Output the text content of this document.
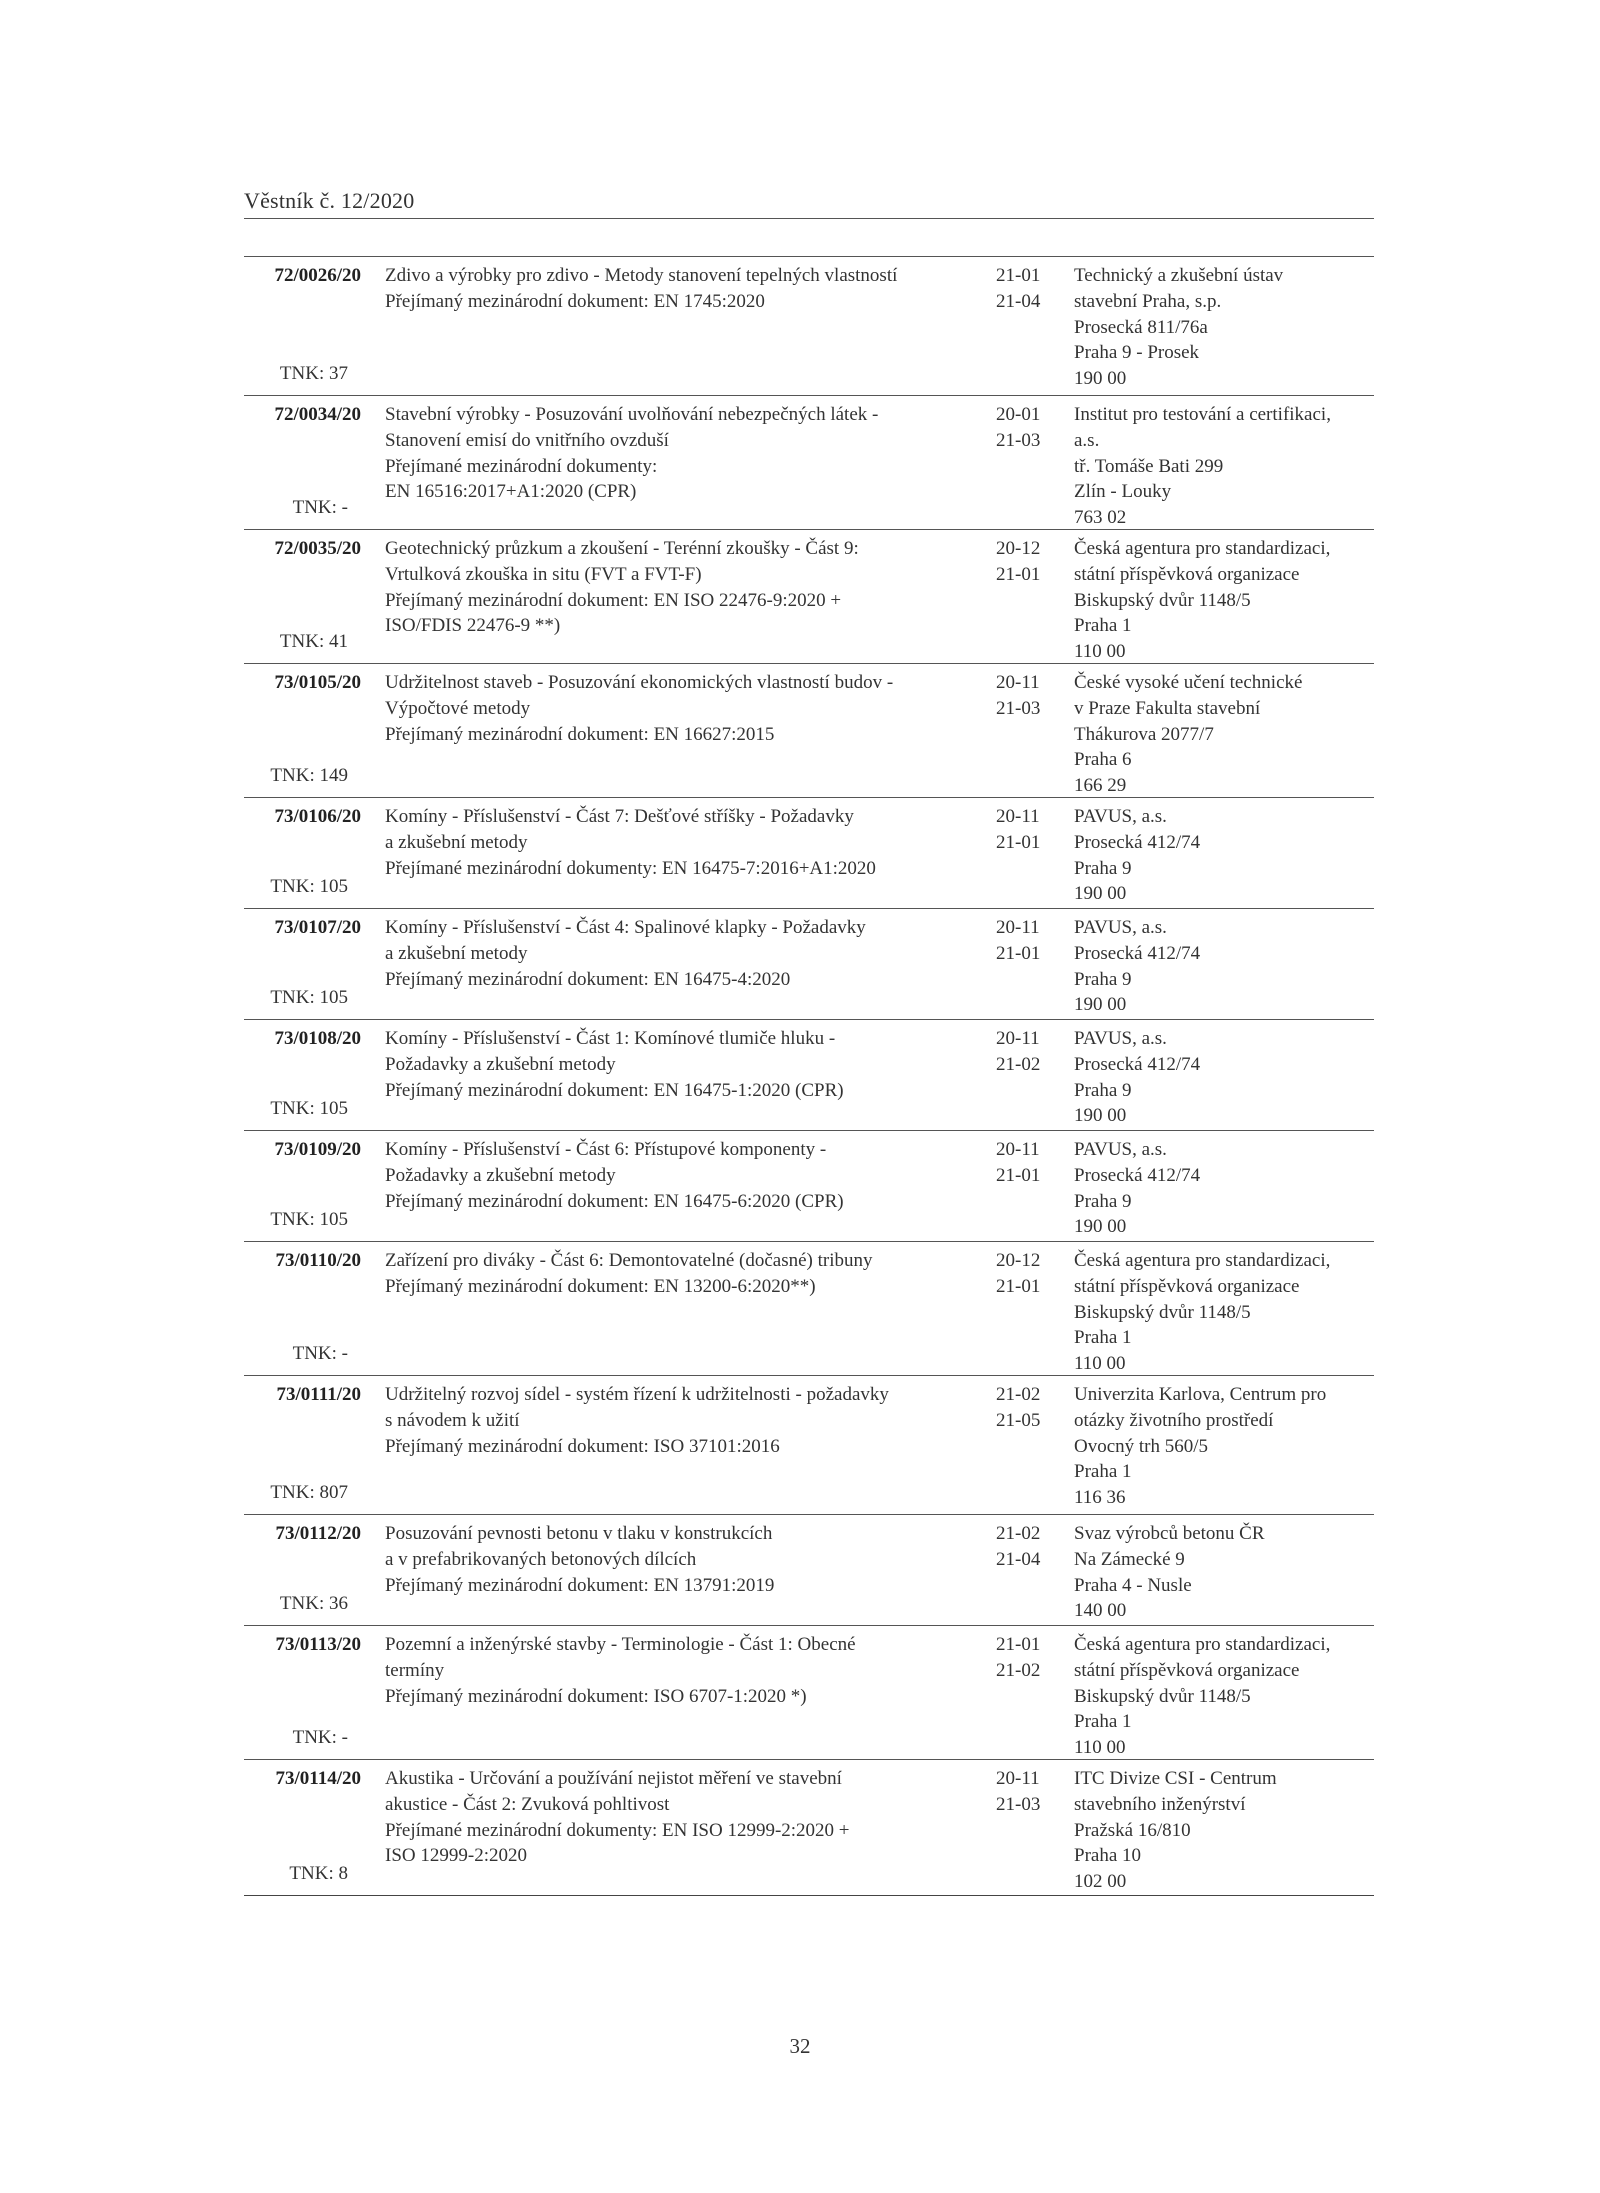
Věstník č. 12/2020
72/0026/20
TNK: 37
Zdivo a výrobky pro zdivo - Metody stanovení tepelných vlastností
Přejímaný mezinárodní dokument: EN 1745:2020
21-01
21-04
Technický a zkušební ústav
stavební Praha, s.p.
Prosecká 811/76a
Praha 9 - Prosek
190 00
72/0034/20
TNK: -
Stavební výrobky - Posuzování uvolňování nebezpečných látek -
Stanovení emisí do vnitřního ovzduší
Přejímané mezinárodní dokumenty:
EN 16516:2017+A1:2020 (CPR)
20-01
21-03
Institut pro testování a certifikaci,
a.s.
tř. Tomáše Bati 299
Zlín - Louky
763 02
72/0035/20
TNK: 41
Geotechnický průzkum a zkoušení - Terénní zkoušky - Část 9:
Vrtulková zkouška in situ (FVT a FVT-F)
Přejímaný mezinárodní dokument: EN ISO 22476-9:2020 +
ISO/FDIS 22476-9 **)
20-12
21-01
Česká agentura pro standardizaci,
státní příspěvková organizace
Biskupský dvůr 1148/5
Praha 1
110 00
73/0105/20
TNK: 149
Udržitelnost staveb - Posuzování ekonomických vlastností budov -
Výpočtové metody
Přejímaný mezinárodní dokument: EN 16627:2015
20-11
21-03
České vysoké učení technické
v Praze Fakulta stavební
Thákurova 2077/7
Praha 6
166 29
73/0106/20
TNK: 105
Komíny - Příslušenství - Část 7: Dešťové stříšky - Požadavky
a zkušební metody
Přejímané mezinárodní dokumenty: EN 16475-7:2016+A1:2020
20-11
21-01
PAVUS, a.s.
Prosecká 412/74
Praha 9
190 00
73/0107/20
TNK: 105
Komíny - Příslušenství - Část 4: Spalinové klapky - Požadavky
a zkušební metody
Přejímaný mezinárodní dokument: EN 16475-4:2020
20-11
21-01
PAVUS, a.s.
Prosecká 412/74
Praha 9
190 00
73/0108/20
TNK: 105
Komíny - Příslušenství - Část 1: Komínové tlumiče hluku -
Požadavky a zkušební metody
Přejímaný mezinárodní dokument: EN 16475-1:2020 (CPR)
20-11
21-02
PAVUS, a.s.
Prosecká 412/74
Praha 9
190 00
73/0109/20
TNK: 105
Komíny - Příslušenství - Část 6: Přístupové komponenty -
Požadavky a zkušební metody
Přejímaný mezinárodní dokument: EN 16475-6:2020 (CPR)
20-11
21-01
PAVUS, a.s.
Prosecká 412/74
Praha 9
190 00
73/0110/20
TNK: -
Zařízení pro diváky - Část 6: Demontovatelné (dočasné) tribuny
Přejímaný mezinárodní dokument: EN 13200-6:2020**)
20-12
21-01
Česká agentura pro standardizaci,
státní příspěvková organizace
Biskupský dvůr 1148/5
Praha 1
110 00
73/0111/20
TNK: 807
Udržitelný rozvoj sídel - systém řízení k udržitelnosti - požadavky
s návodem k užití
Přejímaný mezinárodní dokument: ISO 37101:2016
21-02
21-05
Univerzita Karlova, Centrum pro
otázky životního prostředí
Ovocný trh 560/5
Praha 1
116 36
73/0112/20
TNK: 36
Posuzování pevnosti betonu v tlaku v konstrukcích
a v prefabrikovaných betonových dílcích
Přejímaný mezinárodní dokument: EN 13791:2019
21-02
21-04
Svaz výrobců betonu ČR
Na Zámecké 9
Praha 4 - Nusle
140 00
73/0113/20
TNK: -
Pozemní a inženýrské stavby - Terminologie - Část 1: Obecné
termíny
Přejímaný mezinárodní dokument: ISO 6707-1:2020 *)
21-01
21-02
Česká agentura pro standardizaci,
státní příspěvková organizace
Biskupský dvůr 1148/5
Praha 1
110 00
73/0114/20
TNK: 8
Akustika - Určování a používání nejistot měření ve stavební
akustice - Část 2: Zvuková pohltivost
Přejímané mezinárodní dokumenty: EN ISO 12999-2:2020 +
ISO 12999-2:2020
20-11
21-03
ITC Divize CSI - Centrum
stavebního inženýrství
Pražská 16/810
Praha 10
102 00
32
